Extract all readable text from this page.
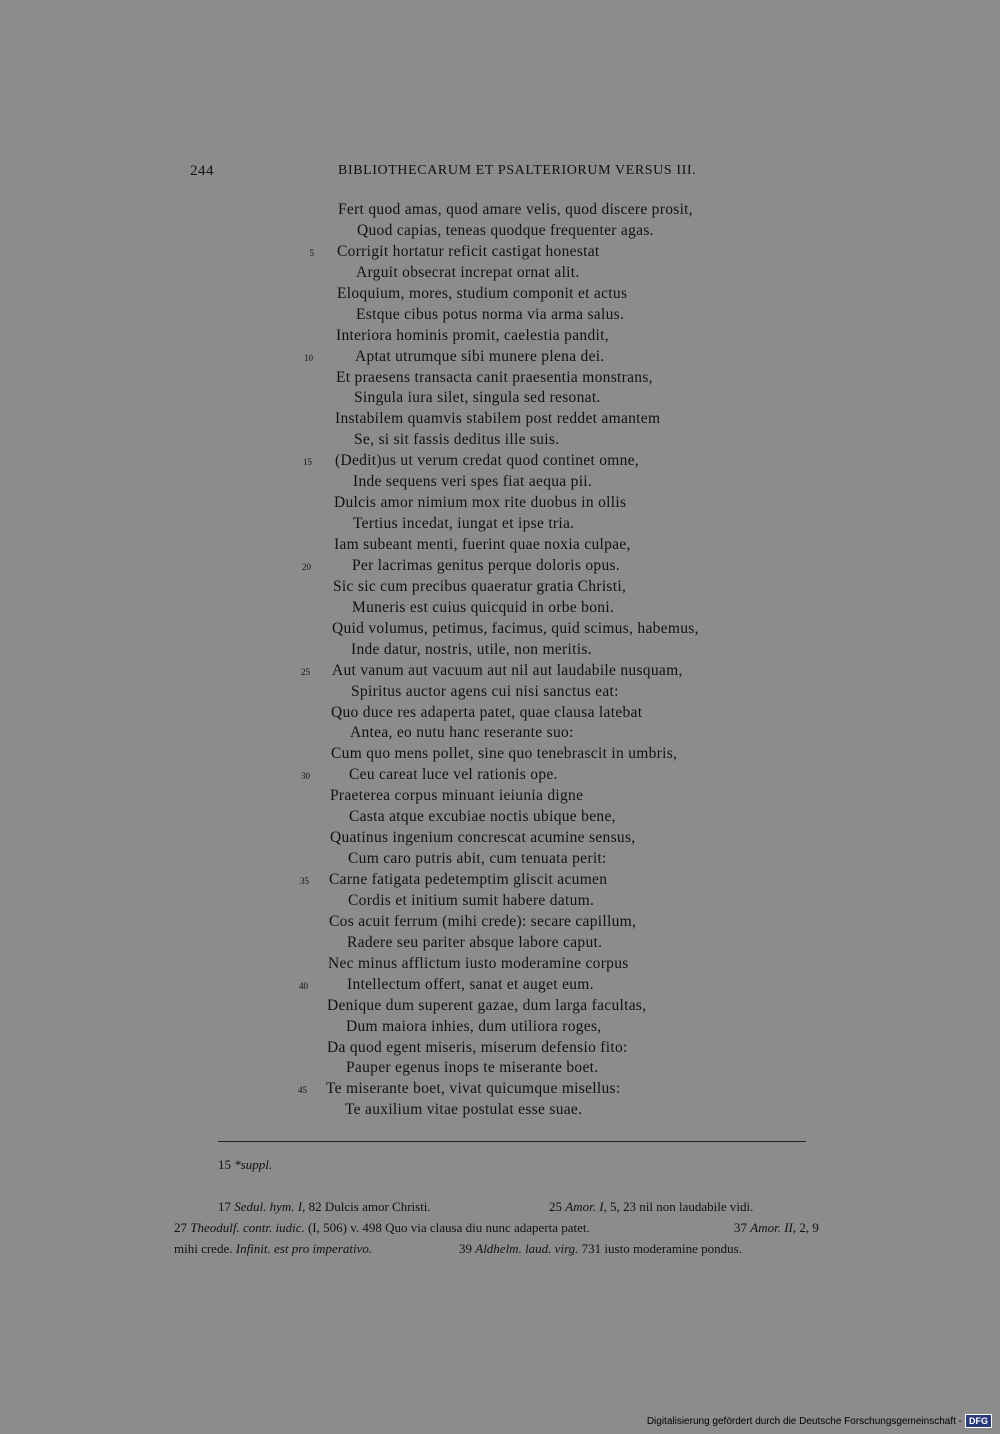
244	BIBLIOTHECARUM ET PSALTERIORUM VERSUS III.
Fert quod amas, quod amare velis, quod discere prosit,
Quod capias, teneas quodque frequenter agas.
5 Corrigit hortatur reficit castigat honestat
Arguit obsecrat increpat ornat alit.
Eloquium, mores, studium componit et actus
Estque cibus potus norma via arma salus.
Interiora hominis promit, caelestia pandit,
10	Aptat utrumque sibi munere plena dei.
Et praesens transacta canit praesentia monstrans,
Singula iura silet, singula sed resonat.
Instabilem quamvis stabilem post reddet amantem
Se, si sit fassis deditus ille suis.
15 (Dedit)us ut verum credat quod continet omne,
Inde sequens veri spes fiat aequa pii.
Dulcis amor nimium mox rite duobus in ollis
Tertius incedat, iungat et ipse tria.
Iam subeant menti, fuerint quae noxia culpae,
20	Per lacrimas genitus perque doloris opus.
Sic sic cum precibus quaeratur gratia Christi,
Muneris est cuius quicquid in orbe boni.
Quid volumus, petimus, facimus, quid scimus, habemus,
Inde datur, nostris, utile, non meritis.
25 Aut vanum aut vacuum aut nil aut laudabile nusquam,
Spiritus auctor agens cui nisi sanctus eat:
Quo duce res adaperta patet, quae clausa latebat
Antea, eo nutu hanc reserante suo:
Cum quo mens pollet, sine quo tenebrascit in umbris,
30	Ceu careat luce vel rationis ope.
Praeterea corpus minuant ieiunia digne
Casta atque excubiae noctis ubique bene,
Quatinus ingenium concrescat acumine sensus,
Cum caro putris abit, cum tenuata perit:
35 Carne fatigata pedetemptim gliscit acumen
Cordis et initium sumit habere datum.
Cos acuit ferrum (mihi crede): secare capillum,
Radere seu pariter absque labore caput.
Nec minus afflictum iusto moderamine corpus
40	Intellectum offert, sanat et auget eum.
Denique dum superent gazae, dum larga facultas,
Dum maiora inhies, dum utiliora roges,
Da quod egent miseris, miserum defensio fito:
Pauper egenus inops te miserante boet.
45 Te miserante boet, vivat quicumque misellus:
Te auxilium vitae postulat esse suae.
15 *suppl.
17 Sedul. hym. I, 82 Dulcis amor Christi.	25 Amor. I, 5, 23 nil non laudabile vidi.
27 Theodulf. contr. iudic. (I, 506) v. 498 Quo via clausa diu nunc adaperta patet.	37 Amor. II, 2, 9
mihi crede. Infinit. est pro imperativo.	39 Aldhelm. laud. virg. 731 iusto moderamine pondus.
Digitalisierung gefördert durch die Deutsche Forschungsgemeinschaft - DFG
